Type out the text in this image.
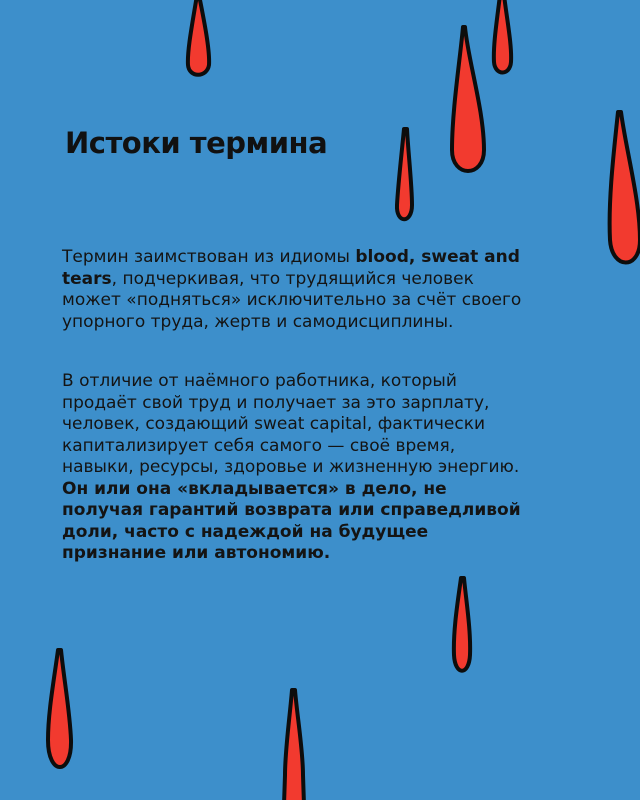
Истоки термина
Термин заимствован из идиомы blood, sweat and tears, подчеркивая, что трудящийся человек может «подняться» исключительно за счёт своего упорного труда, жертв и самодисциплины.
В отличие от наёмного работника, который продаёт свой труд и получает за это зарплату, человек, создающий sweat capital, фактически капитализирует себя самого — своё время, навыки, ресурсы, здоровье и жизненную энергию. Он или она «вкладывается» в дело, не получая гарантий возврата или справедливой доли, часто с надеждой на будущее признание или автономию.
